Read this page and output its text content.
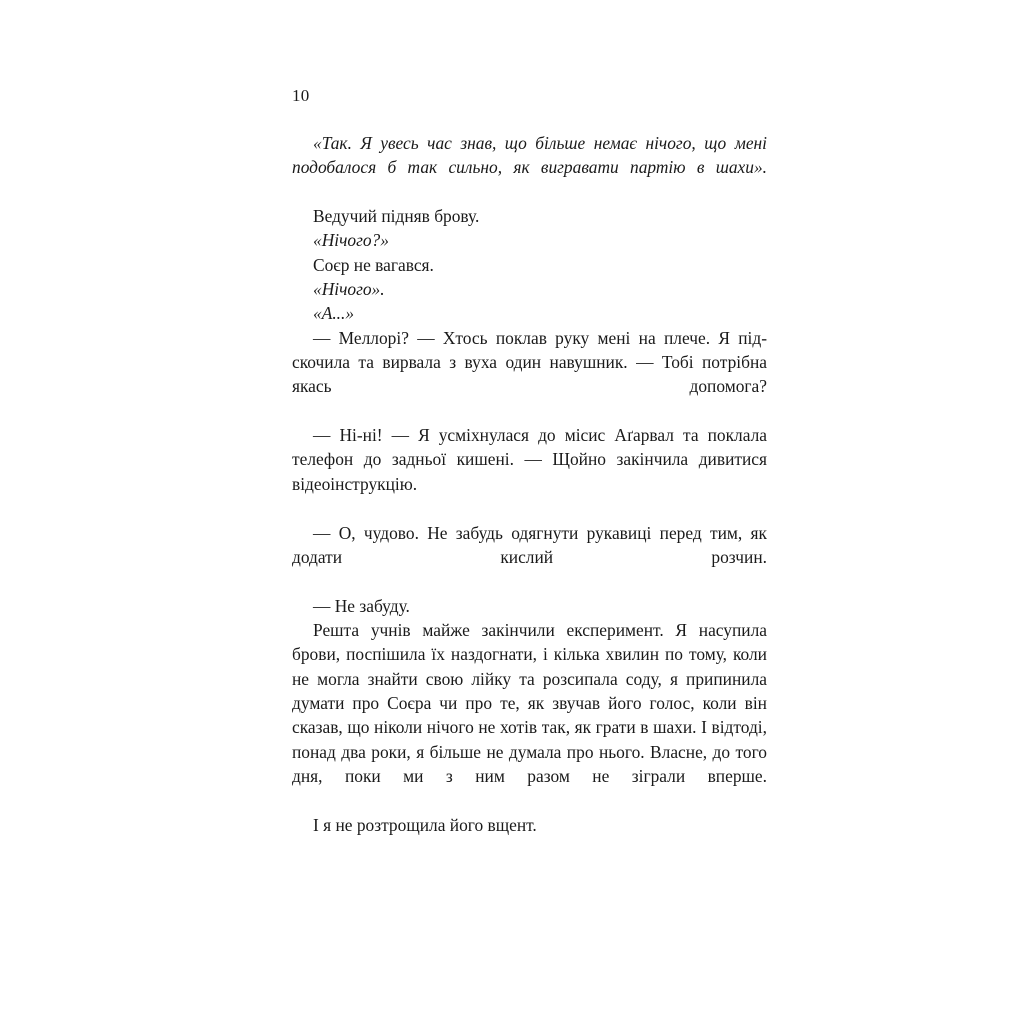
10

«Так. Я увесь час знав, що більше немає нічого, що мені подобалося б так сильно, як вигравати партію в шахи».

Ведучий підняв брову.

«Нічого?»

Соєр не вагався.

«Нічого».

«А...»

— Меллорі? — Хтось поклав руку мені на плече. Я підскочила та вирвала з вуха один навушник. — Тобі потрібна якась допомога?

— Ні-ні! — Я усміхнулася до місис Аґарвал та поклала телефон до задньої кишені. — Щойно закінчила дивитися відеоінструкцію.

— О, чудово. Не забудь одягнути рукавиці перед тим, як додати кислий розчин.

— Не забуду.

Решта учнів майже закінчили експеримент. Я насупила брови, поспішила їх наздогнати, і кілька хвилин по тому, коли не могла знайти свою лійку та розсипала соду, я припинила думати про Соєра чи про те, як звучав його голос, коли він сказав, що ніколи нічого не хотів так, як грати в шахи. І відтоді, понад два роки, я більше не думала про нього. Власне, до того дня, поки ми з ним разом не зіграли вперше.

І я не розтрощила його вщент.
